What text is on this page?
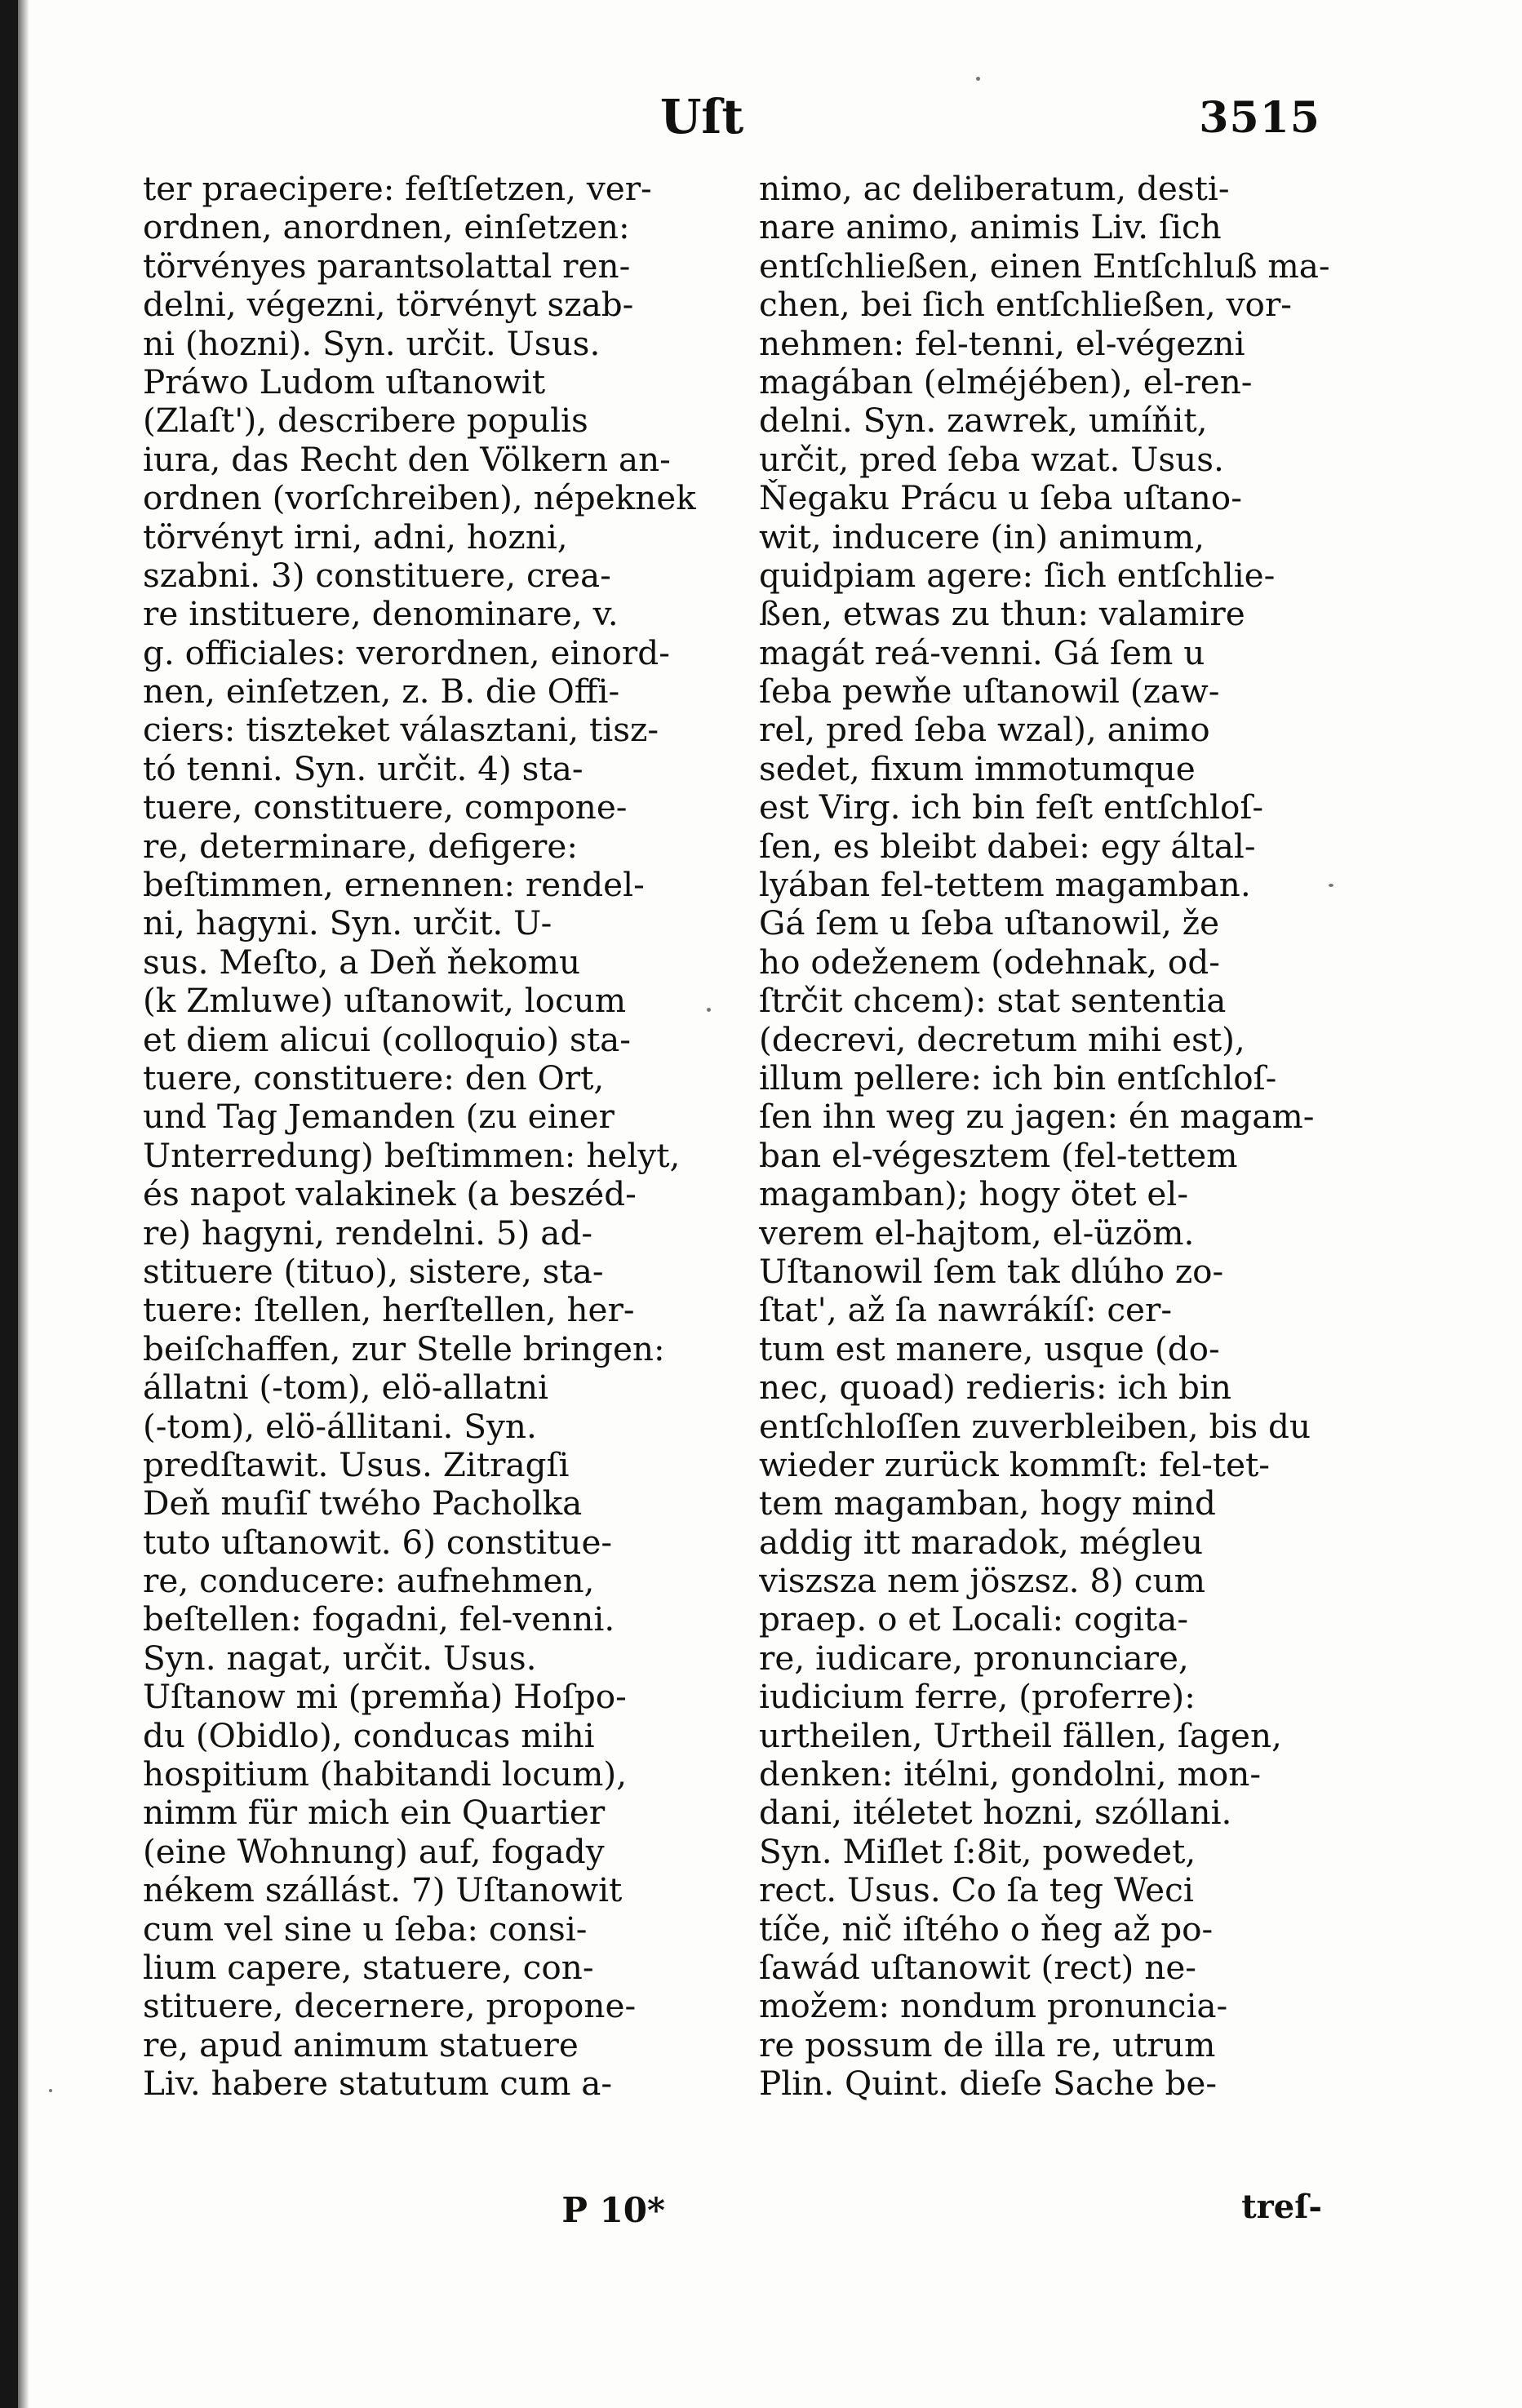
Uſt	3515
ter praecipere: feſtſetzen, ver-
ordnen, anordnen, einſetzen:
törvényes parantsolattal ren-
delni, végezni, törvényt szab-
ni (hozni). Syn. určit. Usus.
Práwo Ludom uſtanowit
(Zlaſt'), describere populis
iura, das Recht den Völkern an-
ordnen (vorſchreiben), népeknek
törvényt irni, adni, hozni,
szabni. 3) constituere, crea-
re instituere, denominare, v.
g. officiales: verordnen, einord-
nen, einſetzen, z. B. die Offi-
ciers: tiszteket választani, tisz-
tó tenni. Syn. určit. 4) sta-
tuere, constituere, compone-
re, determinare, defigere:
beſtimmen, ernennen: rendel-
ni, hagyni. Syn. určit. U-
sus. Meſto, a Deň ňekomu
(k Zmluwe) uſtanowit, locum
et diem alicui (colloquio) sta-
tuere, constituere: den Ort,
und Tag Jemanden (zu einer
Unterredung) beſtimmen: helyt,
és napot valakinek (a beszéd-
re) hagyni, rendelni. 5) ad-
stituere (tituo), sistere, sta-
tuere: ſtellen, herſtellen, her-
beiſchaffen, zur Stelle bringen:
állatni (-tom), elö-allatni
(-tom), elö-állitani. Syn.
predſtawit. Usus. Zitragſi
Deň muſiſ twého Pacholka
tuto uſtanowit. 6) constitue-
re, conducere: aufnehmen,
beſtellen: fogadni, fel-venni.
Syn. nagat, určit. Usus.
Uſtanow mi (premňa) Hoſpo-
du (Obidlo), conducas mihi
hospitium (habitandi locum),
nimm für mich ein Quartier
(eine Wohnung) auf, fogady
nékem szállást. 7) Uſtanowit
cum vel sine u ſeba: consi-
lium capere, statuere, con-
stituere, decernere, propone-
re, apud animum statuere
Liv. habere statutum cum a-
nimo, ac deliberatum, desti-
nare animo, animis Liv. ſich
entſchließen, einen Entſchluß ma-
chen, bei ſich entſchließen, vor-
nehmen: fel-tenni, el-végezni
magában (elméjében), el-ren-
delni. Syn. zawrek, umíňit,
určit, pred ſeba wzat. Usus.
Ňegaku Prácu u ſeba uſtano-
wit, inducere (in) animum,
quidpiam agere: ſich entſchlie-
ßen, etwas zu thun: valamire
magát reá-venni. Gá ſem u
ſeba pewňe uſtanowil (zaw-
rel, pred ſeba wzal), animo
sedet, fixum immotumque
est Virg. ich bin feſt entſchloſ-
ſen, es bleibt dabei: egy által-
lyában fel-tettem magamban.
Gá ſem u ſeba uſtanowil, že
ho odeženem (odehnak, od-
ſtrčit chcem): stat sententia
(decrevi, decretum mihi est),
illum pellere: ich bin entſchloſ-
ſen ihn weg zu jagen: én magam-
ban el-végesztem (fel-tettem
magamban); hogy ötet el-
verem el-hajtom, el-üzöm.
Uſtanowil ſem tak dlúho zo-
ſtat', až ſa nawrákíſ: cer-
tum est manere, usque (do-
nec, quoad) redieris: ich bin
entſchloſſen zuverbleiben, bis du
wieder zurück kommſt: fel-tet-
tem magamban, hogy mind
addig itt maradok, mégleu
viszsza nem jöszsz. 8) cum
praep. o et Locali: cogita-
re, iudicare, pronunciare,
iudicium ferre, (proferre):
urtheilen, Urtheil fällen, ſagen,
denken: itélni, gondolni, mon-
dani, itéletet hozni, szóllani.
Syn. Miſlet ſ:8it, powedet,
rect. Usus. Co ſa teg Weci
tíče, nič iſtého o ňeg až po-
ſawád uſtanowit (rect) ne-
možem: nondum pronuncia-
re possum de illa re, utrum
Plin. Quint. dieſe Sache be-
P 10*	treſ-
